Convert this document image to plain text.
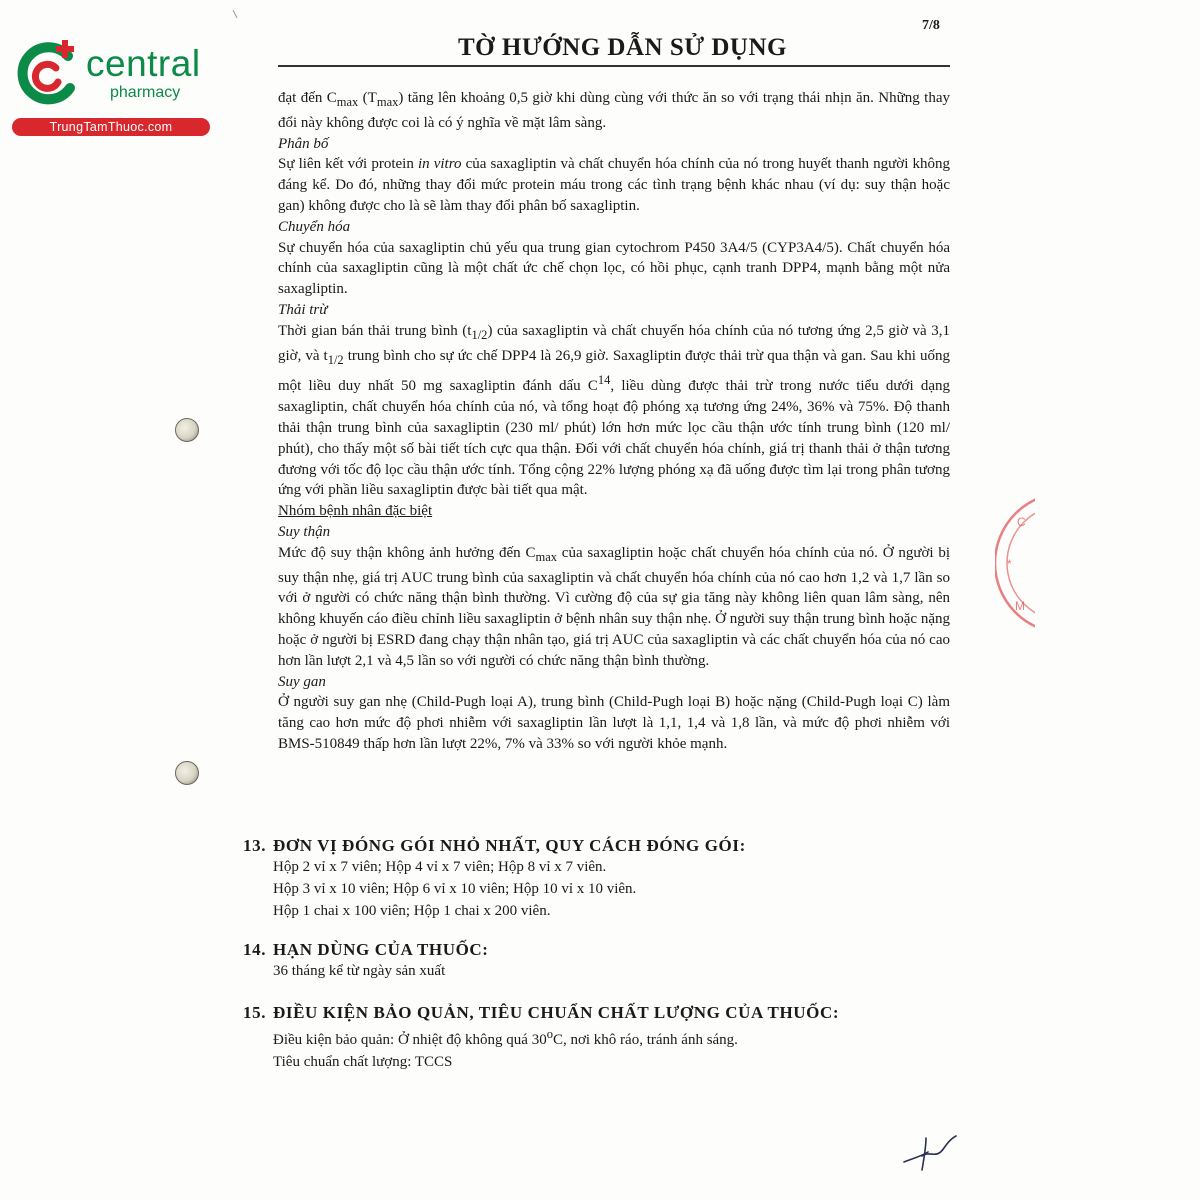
central
pharmacy
TrungTamThuoc.com
7/8
TỜ HƯỚNG DẪN SỬ DỤNG

đạt đến $C_{max}$ $(T_{max})$ tăng lên khoảng 0,5 giờ khi dùng cùng với thức ăn so với trạng thái nhịn ăn. Những thay đổi này không được coi là có ý nghĩa về mặt lâm sàng.

Phân bố

Sự liên kết với protein in vitro của saxagliptin và chất chuyển hóa chính của nó trong huyết thanh người không đáng kể. Do đó, những thay đổi mức protein máu trong các tình trạng bệnh khác nhau (ví dụ: suy thận hoặc gan) không được cho là sẽ làm thay đổi phân bố saxagliptin.

Chuyển hóa

Sự chuyển hóa của saxagliptin chủ yếu qua trung gian cytochrom P450 3A4/5 (CYP3A4/5). Chất chuyển hóa chính của saxagliptin cũng là một chất ức chế chọn lọc, có hồi phục, cạnh tranh DPP4, mạnh bằng một nửa saxagliptin.

Thải trừ

Thời gian bán thải trung bình $(t_{1/2})$ của saxagliptin và chất chuyển hóa chính của nó tương ứng 2,5 giờ và 3,1 giờ, và $t_{1/2}$ trung bình cho sự ức chế DPP4 là 26,9 giờ. Saxagliptin được thải trừ qua thận và gan. Sau khi uống một liều duy nhất 50 mg saxagliptin đánh dấu $C^{14}$, liều dùng được thải trừ trong nước tiểu dưới dạng saxagliptin, chất chuyển hóa chính của nó, và tổng hoạt độ phóng xạ tương ứng 24%, 36% và 75%. Độ thanh thải thận trung bình của saxagliptin (230 ml/ phút) lớn hơn mức lọc cầu thận ước tính trung bình (120 ml/ phút), cho thấy một số bài tiết tích cực qua thận. Đối với chất chuyển hóa chính, giá trị thanh thải ở thận tương đương với tốc độ lọc cầu thận ước tính. Tổng cộng 22% lượng phóng xạ đã uống được tìm lại trong phân tương ứng với phần liều saxagliptin được bài tiết qua mật.

Nhóm bệnh nhân đặc biệt

Suy thận

Mức độ suy thận không ảnh hưởng đến $C_{max}$ của saxagliptin hoặc chất chuyển hóa chính của nó. Ở người bị suy thận nhẹ, giá trị AUC trung bình của saxagliptin và chất chuyển hóa chính của nó cao hơn 1,2 và 1,7 lần so với ở người có chức năng thận bình thường. Vì cường độ của sự gia tăng này không liên quan lâm sàng, nên không khuyến cáo điều chỉnh liều saxagliptin ở bệnh nhân suy thận nhẹ. Ở người suy thận trung bình hoặc nặng hoặc ở người bị ESRD đang chạy thận nhân tạo, giá trị AUC của saxagliptin và các chất chuyển hóa của nó cao hơn lần lượt 2,1 và 4,5 lần so với người có chức năng thận bình thường.

Suy gan

Ở người suy gan nhẹ (Child-Pugh loại A), trung bình (Child-Pugh loại B) hoặc nặng (Child-Pugh loại C) làm tăng cao hơn mức độ phơi nhiễm với saxagliptin lần lượt là 1,1, 1,4 và 1,8 lần, và mức độ phơi nhiễm với BMS-510849 thấp hơn lần lượt 22%, 7% và 33% so với người khỏe mạnh.

13. ĐƠN VỊ ĐÓNG GÓI NHỎ NHẤT, QUY CÁCH ĐÓNG GÓI:
Hộp 2 vỉ x 7 viên; Hộp 4 vỉ x 7 viên; Hộp 8 vỉ x 7 viên.
Hộp 3 vỉ x 10 viên; Hộp 6 vỉ x 10 viên; Hộp 10 vỉ x 10 viên.
Hộp 1 chai x 100 viên; Hộp 1 chai x 200 viên.
14. HẠN DÙNG CỦA THUỐC:
36 tháng kể từ ngày sản xuất
15. ĐIỀU KIỆN BẢO QUẢN, TIÊU CHUẨN CHẤT LƯỢNG CỦA THUỐC:
Điều kiện bảo quản: Ở nhiệt độ không quá 30$^o$C, nơi khô ráo, tránh ánh sáng.
Tiêu chuẩn chất lượng: TCCS
C
*
M
